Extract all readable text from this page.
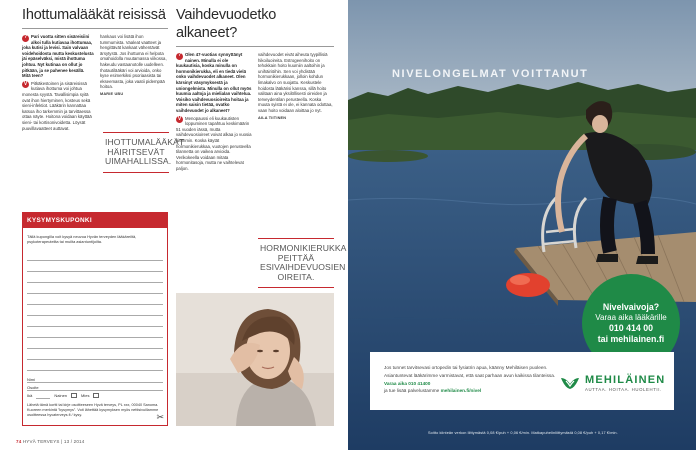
Ihottumalääkät reisissä
? Pari vuotta sitten sisäreisiini alkoi tulla kutiavaa ihottumaa, joka kutisi ja levisi. Sain valvaan voidehoidosta mutta keskustelusta jäi epäselväksi, mistä ihottuma johtuu. Nyt kutinaa on ollut jo pitkään, ja se pahenee kesällä. Mitä teen?
V Pitkäkestoinen ja sisäreisissä kutiava ihottuma voi johtua monesta syystä. Tavallisimpia syitä ovat ihon hiertyminen, kosteus sekä sieni-infektiot. Lääkärin kannattaa katsoa iho tarkemmin ja tarvittaessa ottaa näyte. Hoitona voidaan käyttää sieni- tai kortisonivoidetta. Löysät puuvillavaatteet auttavat.
hankaus voi lisätä ihon tummumista. Vaaleat vaatteet ja hengittävät kankaat vähentävät ärsytystä. Jos ihottuma ei helpota omahoidolla muutamassa viikossa, hakeudu vastaanotolle uudelleen. Ihotautilääkäri voi arvioida, onko kyse esimerkiksi psoriaasista tai ekseemasta, joka vaatii pidempää hoitoa.
MARIE UBU
IHOTTUMALÄÄKÄT HÄIRITSEVÄT UIMAHALLISSA.
KYSYMYSKUPONKI
Tällä kupongilla voit kysyä neuvoa Hyvän terveyden lääkäreiltä, psykoterapeuteilta tai muilta asiantuntijoilta.
Nimi
Osoite
Ikä	Nainen	Mies
Lähetä tämä kortti tai kirje osoitteeseen Hyvä terveys, PL xxx, 00040 Sanoma. Kuoreen merkintä "kysymys". Voit lähettää kysymyksen myös nettisivuillamme osoitteessa hyvaterveys.fi / kysy.	✂
Vaihdevuodetko alkaneet?
? Olen 47-vuotias synnyttänyt nainen. Minulla ei ole kuukautisia, koska minulla on hormonikierukka, eli en tiedä vielä onko vaihdevuodet alkaneet. Olen kärsinyt väsymyksestä ja uniongelmista. Minulla on ollut myös kuumia aaltoja ja mielialan vaihtelua. Voisiko vaihdevuosioireita hoitaa ja miten saisin tietää, ovatko vaihdevuodet jo alkaneet?
V Menopaussi eli kuukautisten loppuminen tapahtuu keskimäärin 51 vuoden iässä, mutta vaihdevuosioireet voivat alkaa jo vuosia aiemmin. Koska käytät hormonikierukkaa, vuotojen perusteella tilannetta on vaikea arvioida. Verikokeella voidaan mitata hormonitasoja, mutta ne vaihtelevat paljon.
vaihdevuodet eivät aiheuta tyypillisiä hikoiluoireita. Estrogeenihoito on tehokkain hoito kuumiin aaltoihin ja unihäiriöihin. Sen voi yhdistää hormonikierukkaan, jolloin kohdun limakalvo on suojattu. Keskustele hoidosta lääkärisi kanssa, sillä hoito valitaan aina yksilöllisesti oireiden ja terveydentilan perusteella. Koska muuta syistä ei ole, ei kannata odottaa, vaan hoito voidaan aloittaa jo nyt.
AILA TIITINEN
HORMONIKIERUKKA PEITTÄÄ ESIVAIHDEVUOSIEN OIREITA.
74 HYVÄ TERVEYS | 13 / 2014
NIVELONGELMAT VOITTANUT
Nivelvaivoja?
Varaa aika lääkärille
010 414 00
tai mehilainen.fi
Jos tunnet tarvitsevasi ortopedin tai fysiatrin apua, käänny Mehiläisen puoleen. Asiantuntevat lääkärimme varmistavat, että saat parhaan avun kaikissa tilanteissa. Varaa aika 010 41400
ja tue lisää palvelustamme mehilainen.fi/nivel
MEHILÄINEN
AUTTAA. HOITAA. HUOLEHTII.
Soitto kiinteän verkon liittymästä 0,08 €/puh + 0,06 €/min. Matkapuhelinliittymästä 0,08 €/puh + 0,17 €/min.
